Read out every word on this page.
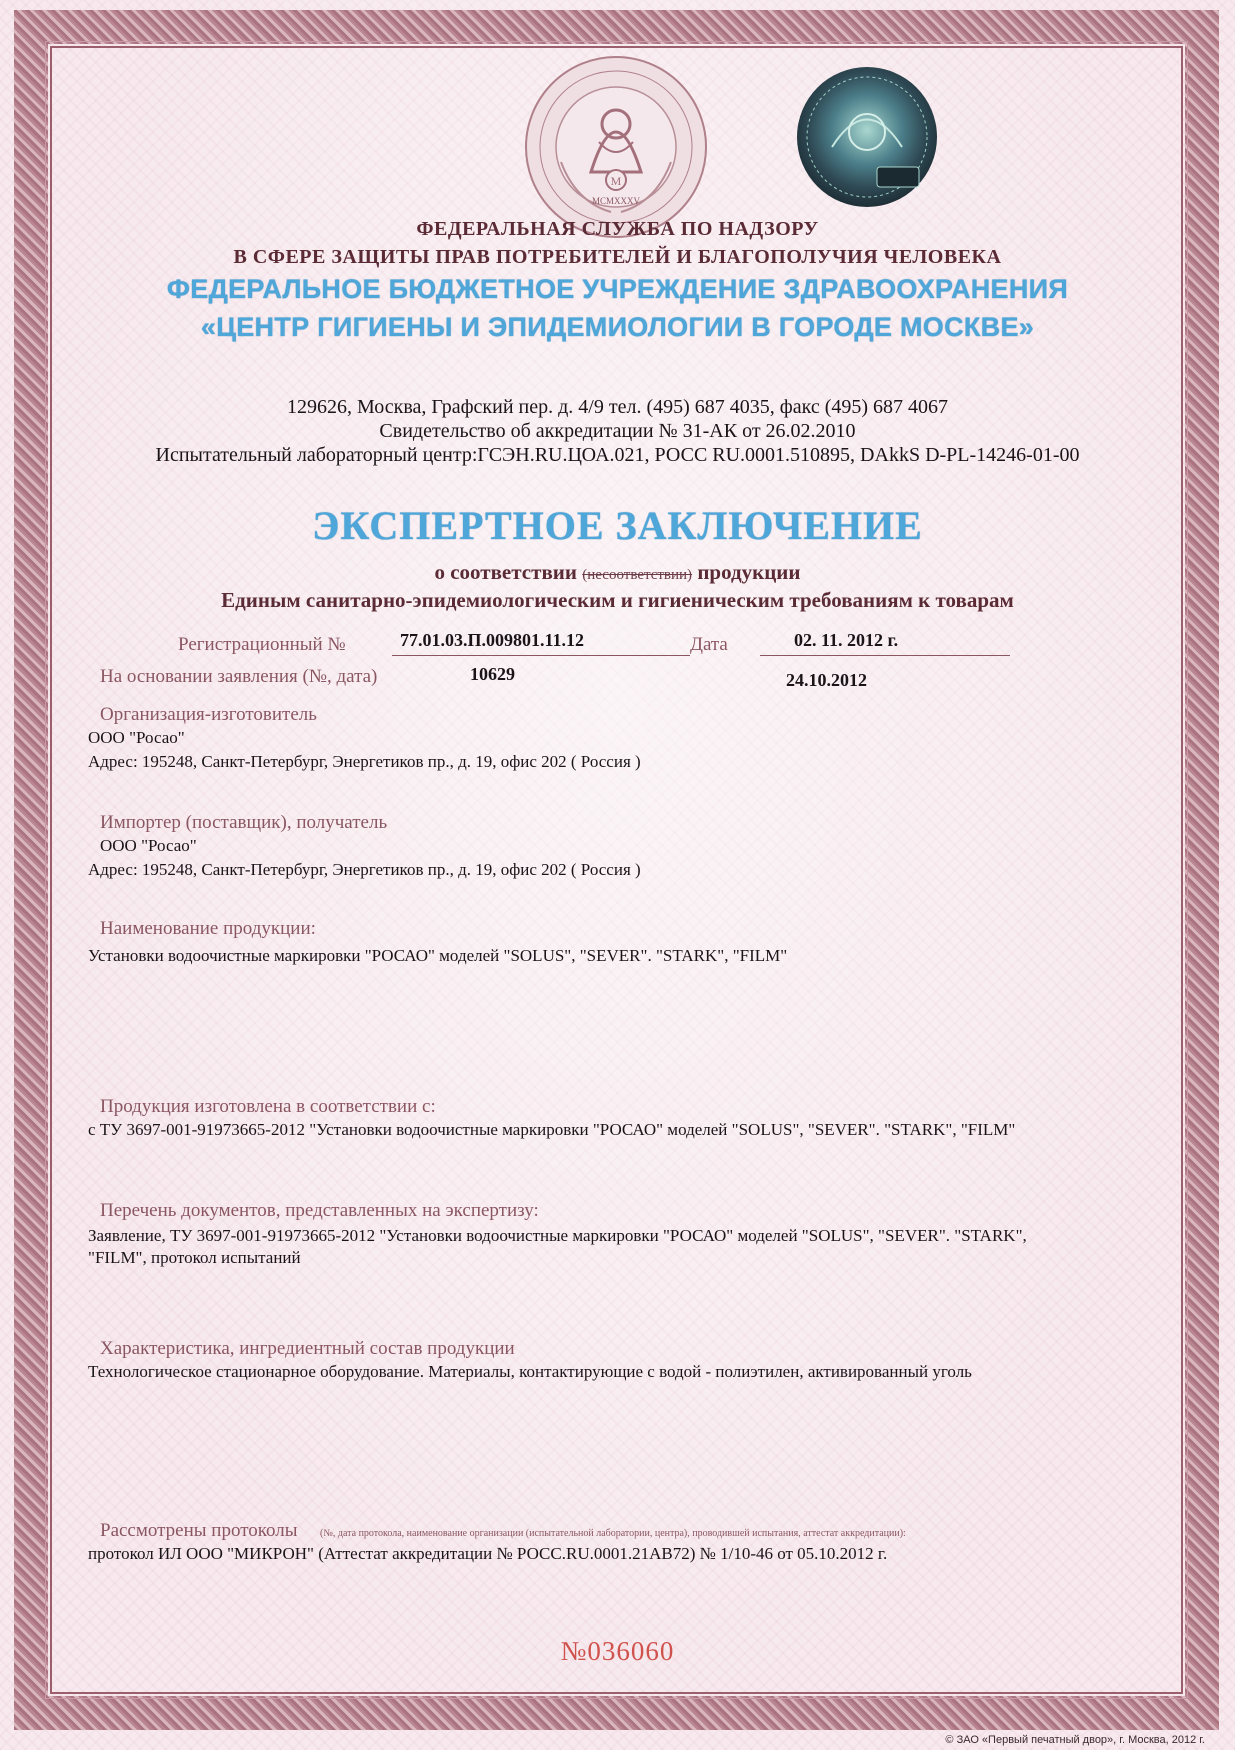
M
MCMXXXV
ФЕДЕРАЛЬНАЯ СЛУЖБА ПО НАДЗОРУ
В СФЕРЕ ЗАЩИТЫ ПРАВ ПОТРЕБИТЕЛЕЙ И БЛАГОПОЛУЧИЯ ЧЕЛОВЕКА
ФЕДЕРАЛЬНОЕ БЮДЖЕТНОЕ УЧРЕЖДЕНИЕ ЗДРАВООХРАНЕНИЯ
«ЦЕНТР ГИГИЕНЫ И ЭПИДЕМИОЛОГИИ В ГОРОДЕ МОСКВЕ»
129626, Москва, Графский пер. д. 4/9 тел. (495) 687 4035, факс (495) 687 4067
Свидетельство об аккредитации № 31-АК от 26.02.2010
Испытательный лабораторный центр:ГСЭН.RU.ЦОА.021, РОСС RU.0001.510895, DAkkS D-PL-14246-01-00
ЭКСПЕРТНОЕ ЗАКЛЮЧЕНИЕ
о соответствии (несоответствии) продукции
Единым санитарно-эпидемиологическим и гигиеническим требованиям к товарам
Регистрационный №	77.01.03.П.009801.11.12	Дата	02. 11. 2012 г.
На основании заявления (№, дата)	10629	24.10.2012
Организация-изготовитель
ООО "Росао"
Адрес: 195248, Санкт-Петербург, Энергетиков пр., д. 19, офис 202 ( Россия )
Импортер (поставщик), получатель
ООО "Росао"
Адрес: 195248, Санкт-Петербург, Энергетиков пр., д. 19, офис 202 ( Россия )
Наименование продукции:
Установки водоочистные маркировки "РОСАО" моделей "SOLUS", "SEVER". "STARK", "FILM"
Продукция изготовлена в соответствии с:
с ТУ 3697-001-91973665-2012 "Установки водоочистные маркировки "РОСАО" моделей "SOLUS", "SEVER". "STARK", "FILM"
Перечень документов, представленных на экспертизу:
Заявление, ТУ 3697-001-91973665-2012 "Установки водоочистные маркировки "РОСАО" моделей "SOLUS", "SEVER". "STARK",
"FILM", протокол испытаний
Характеристика, ингредиентный состав продукции
Технологическое стационарное оборудование. Материалы, контактирующие с водой - полиэтилен, активированный уголь
Рассмотрены протоколы (№, дата протокола, наименование организации (испытательной лаборатории, центра), проводившей испытания, аттестат аккредитации):
протокол ИЛ ООО "МИКРОН" (Аттестат аккредитации № РОСС.RU.0001.21АВ72) № 1/10-46 от 05.10.2012 г.
№036060
© ЗАО «Первый печатный двор», г. Москва, 2012 г.
